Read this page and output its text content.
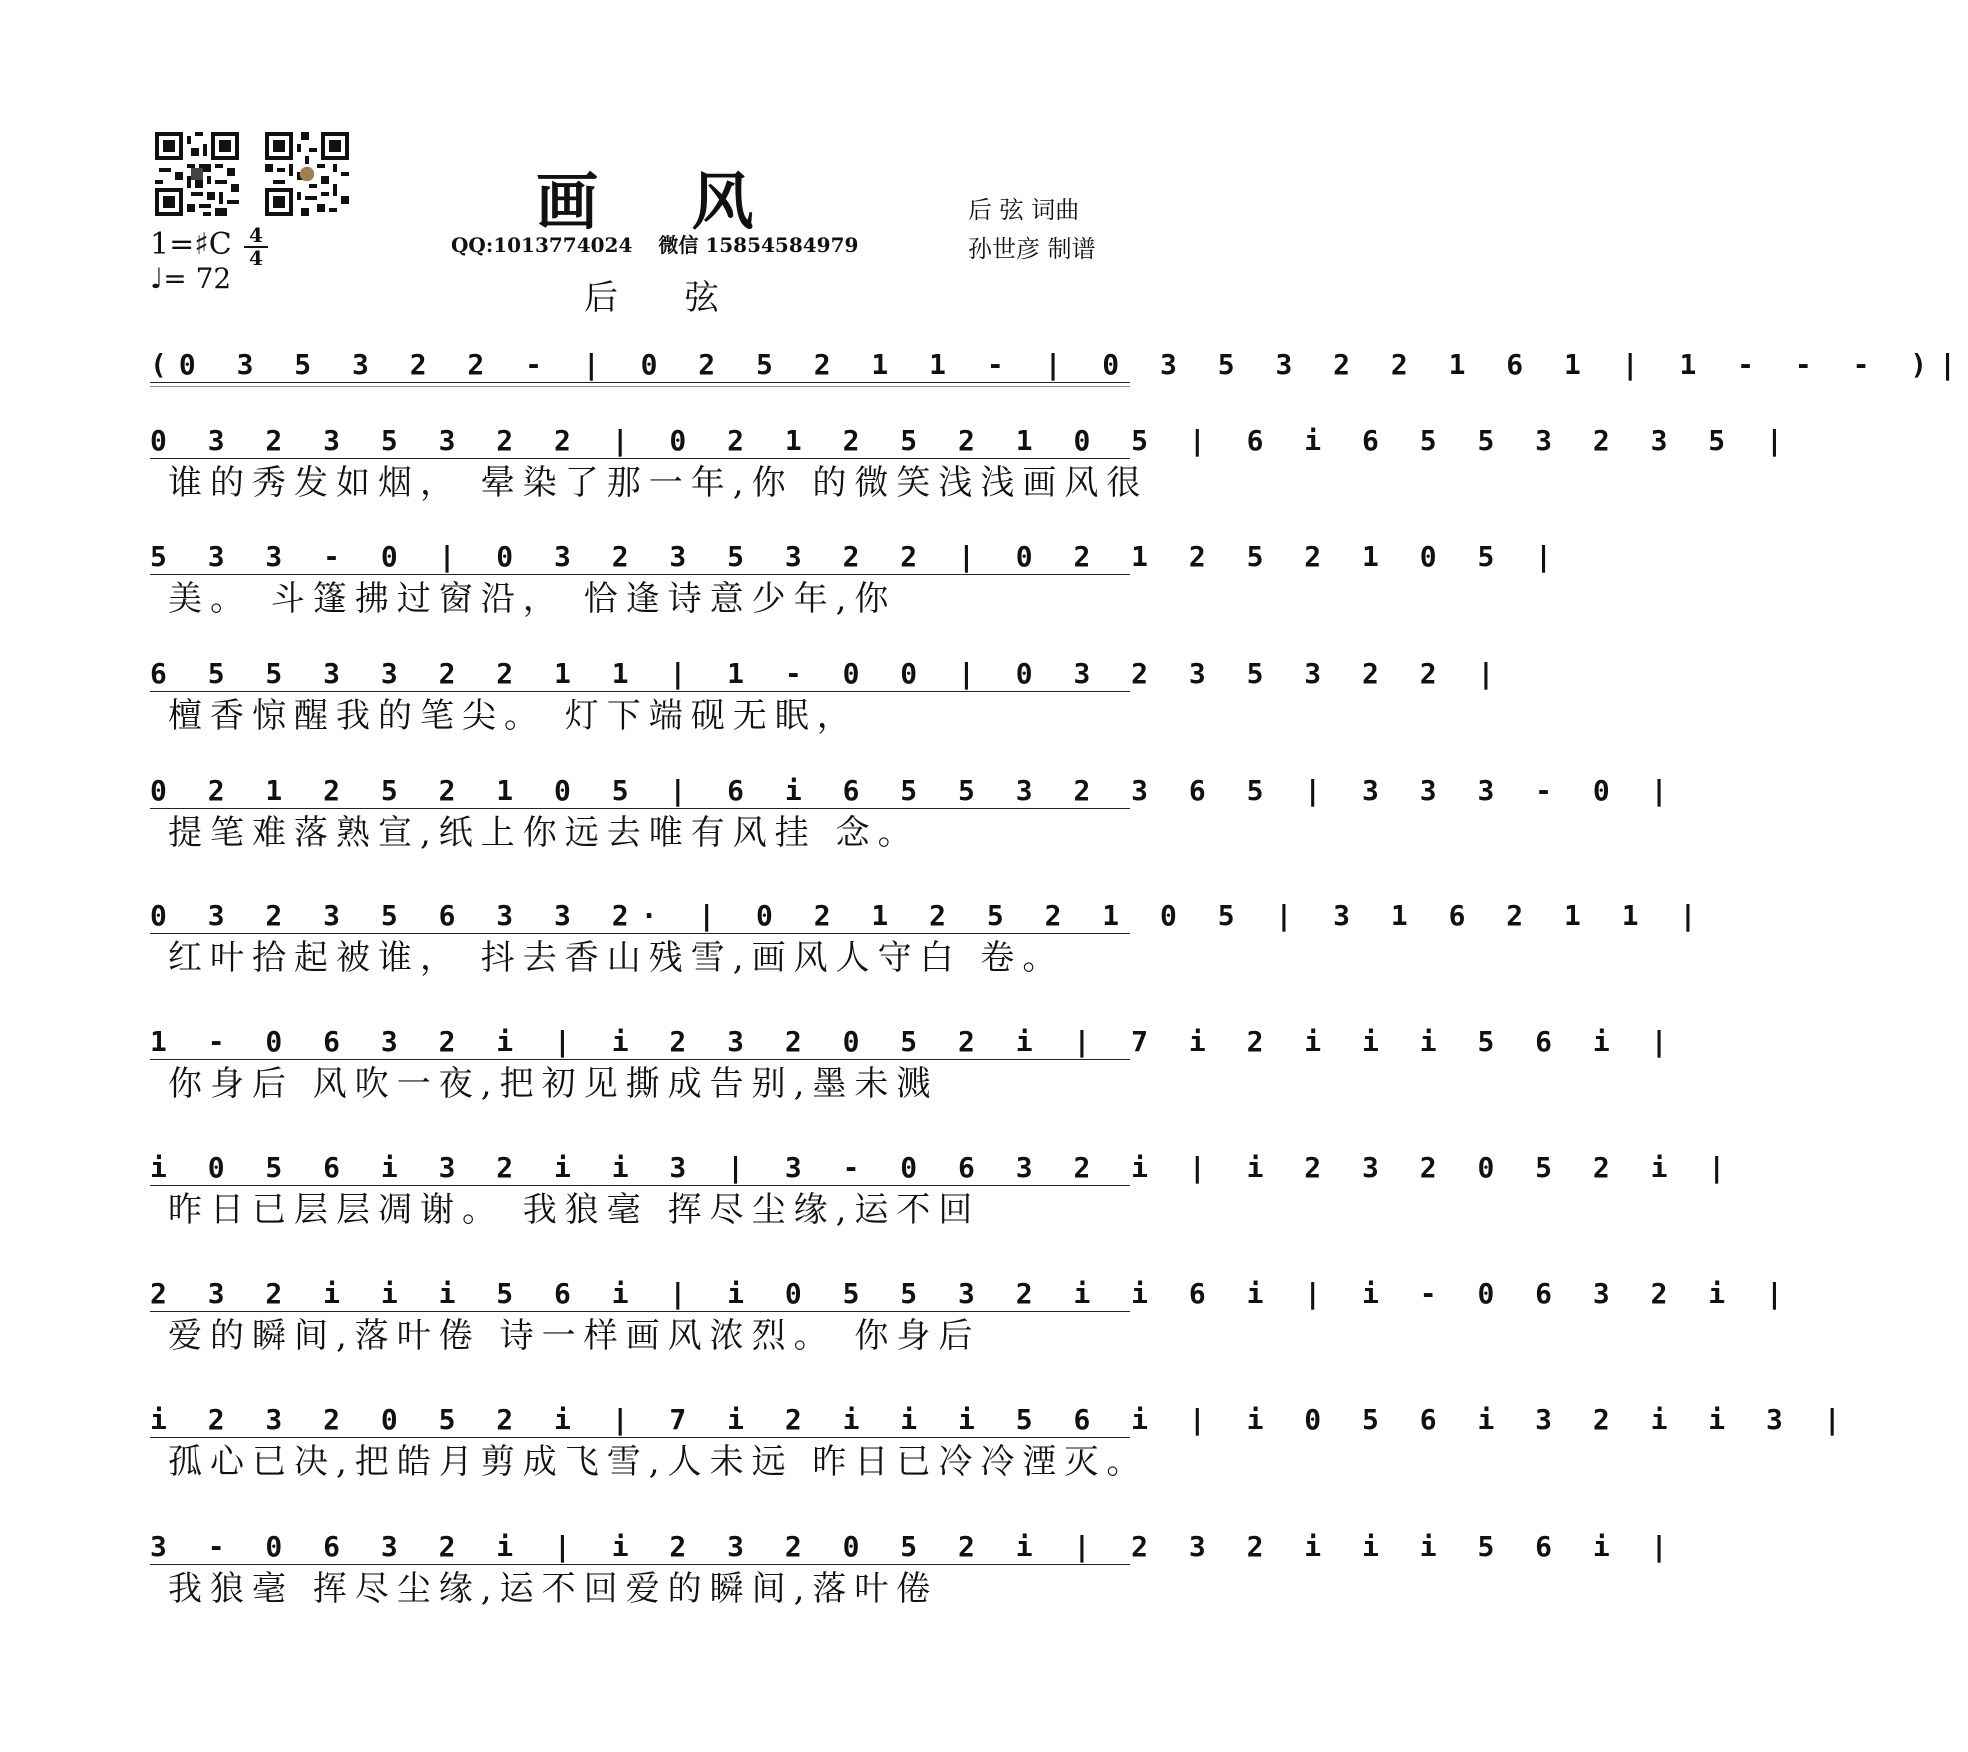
1=♯C 4
4
♩= 72
画 风
QQ:1013774024 微信 15854584979
后 弦
后 弦 词曲
孙世彦 制谱
(0 3 5 3 2 2 - | 0 2 5 2 1 1 - | 0 3 5 3 2 2 1 6 1 | 1 - - - )|
0 3 2 3 5 3 2 2 | 0 2 1 2 5 2 1 0 5 | 6 i 6 5 5 3 2 3 5 |
谁的秀发如烟， 晕染了那一年,你 的微笑浅浅画风很
5 3 3 - 0 | 0 3 2 3 5 3 2 2 | 0 2 1 2 5 2 1 0 5 |
美。 斗篷拂过窗沿， 恰逢诗意少年,你
6 5 5 3 3 2 2 1 1 | 1 - 0 0 | 0 3 2 3 5 3 2 2 |
檀香惊醒我的笔尖。 灯下端砚无眠，
0 2 1 2 5 2 1 0 5 | 6 i 6 5 5 3 2 3 6 5 | 3 3 3 - 0 |
提笔难落熟宣,纸上你远去唯有风挂 念。
0 3 2 3 5 6 3 3 2· | 0 2 1 2 5 2 1 0 5 | 3 1 6 2 1 1 |
红叶拾起被谁， 抖去香山残雪,画风人守白 卷。
1 - 0 6 3 2 i | i 2 3 2 0 5 2 i | 7 i 2 i i i 5 6 i |
你身后 风吹一夜,把初见撕成告别,墨未溅
i 0 5 6 i 3 2 i i 3 | 3 - 0 6 3 2 i | i 2 3 2 0 5 2 i |
昨日已层层凋谢。 我狼毫 挥尽尘缘,运不回
2 3 2 i i i 5 6 i | i 0 5 5 3 2 i i 6 i | i - 0 6 3 2 i |
爱的瞬间,落叶倦 诗一样画风浓烈。 你身后
i 2 3 2 0 5 2 i | 7 i 2 i i i 5 6 i | i 0 5 6 i 3 2 i i 3 |
孤心已决,把皓月剪成飞雪,人未远 昨日已冷冷湮灭。
3 - 0 6 3 2 i | i 2 3 2 0 5 2 i | 2 3 2 i i i 5 6 i |
我狼毫 挥尽尘缘,运不回爱的瞬间,落叶倦
